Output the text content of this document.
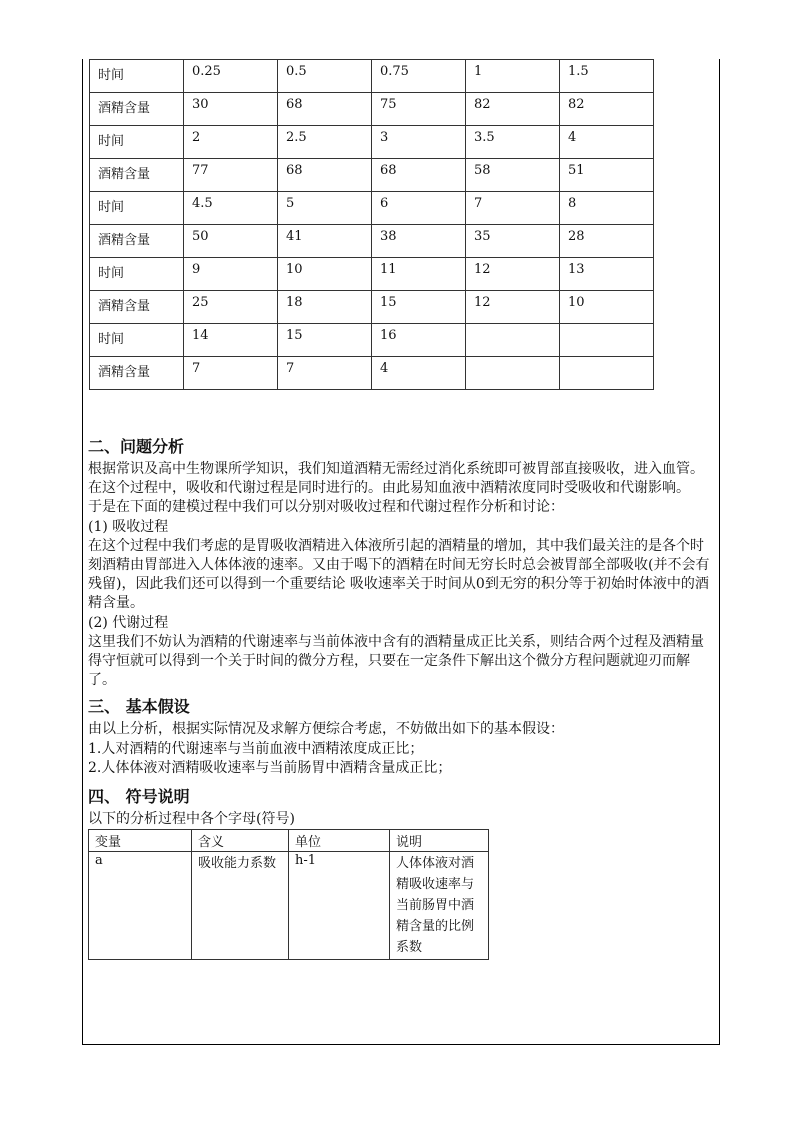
时间	0.25	0.5	0.75	1	1.5
酒精含量	30	68	75	82	82
时间	2	2.5	3	3.5	4
酒精含量	77	68	68	58	51
时间	4.5	5	6	7	8
酒精含量	50	41	38	35	28
时间	9	10	11	12	13
酒精含量	25	18	15	12	10
时间	14	15	16		
酒精含量	7	7	4		
二、问题分析

根据常识及高中生物课所学知识，我们知道酒精无需经过消化系统即可被胃部直接吸收，进入血管。在这个过程中，吸收和代谢过程是同时进行的。由此易知血液中酒精浓度同时受吸收和代谢影响。

于是在下面的建模过程中我们可以分别对吸收过程和代谢过程作分析和讨论：

(1) 吸收过程

在这个过程中我们考虑的是胃吸收酒精进入体液所引起的酒精量的增加，其中我们最关注的是各个时刻酒精由胃部进入人体体液的速率。又由于喝下的酒精在时间无穷长时总会被胃部全部吸收(并不会有残留)，因此我们还可以得到一个重要结论 吸收速率关于时间从0到无穷的积分等于初始时体液中的酒精含量。

(2) 代谢过程

这里我们不妨认为酒精的代谢速率与当前体液中含有的酒精量成正比关系，则结合两个过程及酒精量得守恒就可以得到一个关于时间的微分方程，只要在一定条件下解出这个微分方程问题就迎刃而解了。

三、 基本假设

由以上分析，根据实际情况及求解方便综合考虑，不妨做出如下的基本假设：

1.人对酒精的代谢速率与当前血液中酒精浓度成正比；

2.人体体液对酒精吸收速率与当前肠胃中酒精含量成正比；

四、 符号说明

以下的分析过程中各个字母(符号)

变量	含义	单位	说明
a	吸收能力系数	h-1	人体体液对酒精吸收速率与当前肠胃中酒精含量的比例系数
